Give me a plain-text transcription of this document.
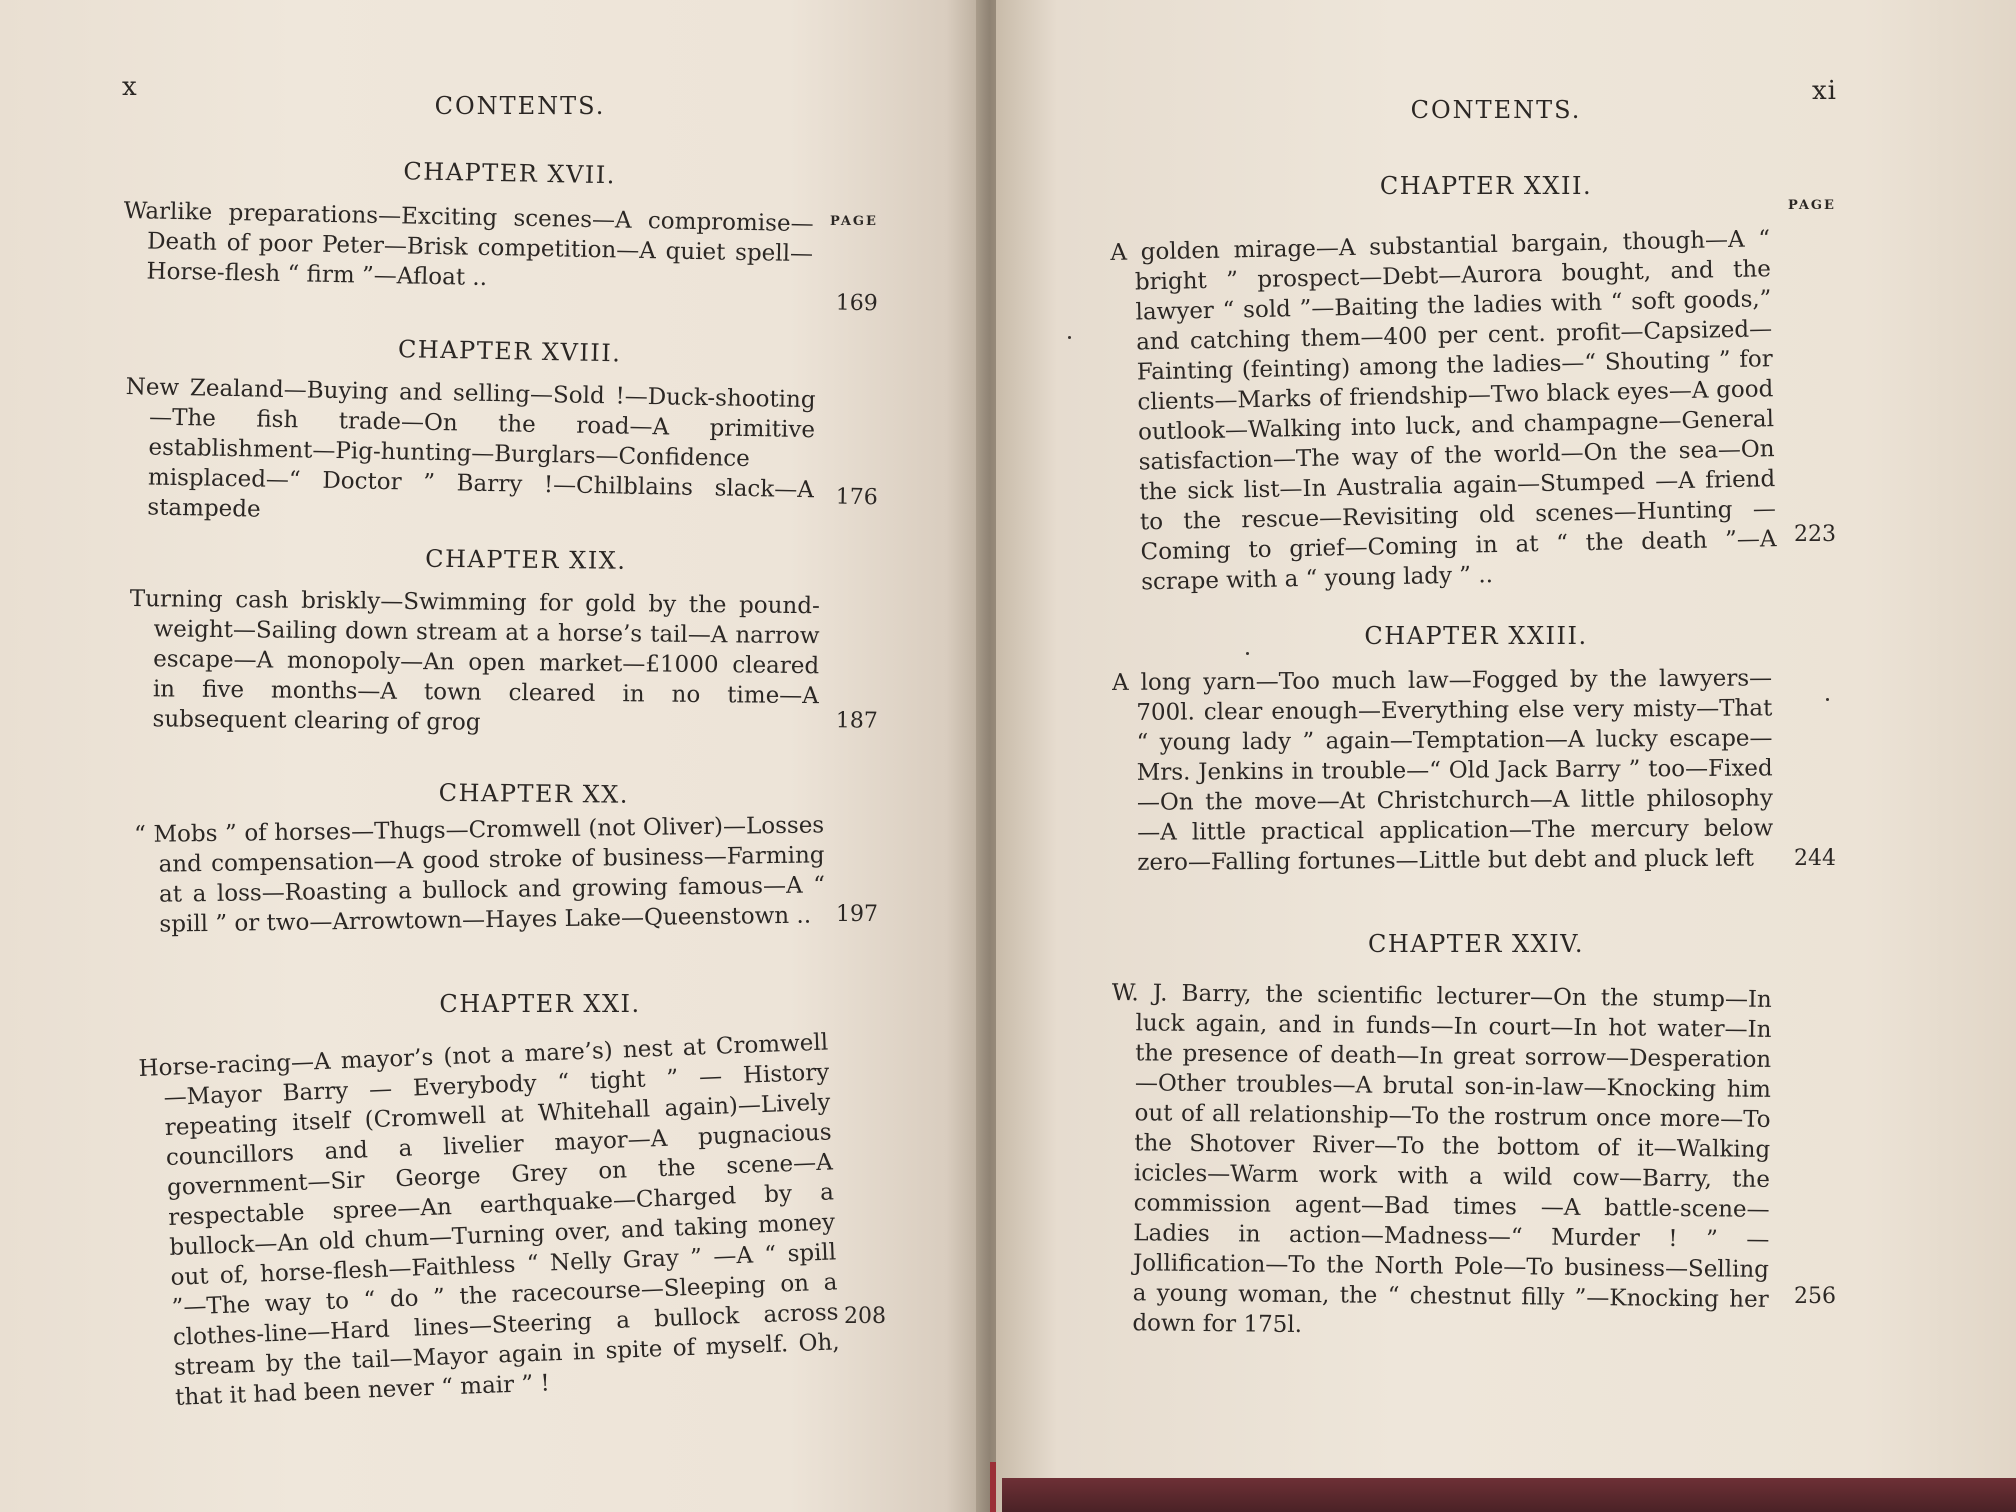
x
CONTENTS.
CHAPTER XVII.
PAGE

Warlike preparations—Exciting scenes—A compromise—Death of poor Peter—Brisk competition—A quiet spell—Horse-flesh “ firm ”—Afloat ..

169
CHAPTER XVIII.

New Zealand—Buying and selling—Sold !—Duck-shooting—The fish trade—On the road—A primitive establishment—Pig-hunting—Burglars—Confidence misplaced—“ Doctor ” Barry !—Chilblains slack—A stampede	176
CHAPTER XIX.

Turning cash briskly—Swimming for gold by the pound-weight—Sailing down stream at a horse’s tail—A narrow escape—A monopoly—An open market—£1000 cleared in five months—A town cleared in no time—A subsequent clearing of grog	187
CHAPTER XX.

“ Mobs ” of horses—Thugs—Cromwell (not Oliver)—Losses and compensation—A good stroke of business—Farming at a loss—Roasting a bullock and growing famous—A “ spill ” or two—Arrowtown—Hayes Lake—Queenstown ..	197
CHAPTER XXI.

Horse-racing—A mayor’s (not a mare’s) nest at Cromwell—Mayor Barry — Everybody “ tight ” — History repeating itself (Cromwell at Whitehall again)—Lively councillors and a livelier mayor—A pugnacious government—Sir George Grey on the scene—A respectable spree—An earthquake—Charged by a bullock—An old chum—Turning over, and taking money out of, horse-flesh—Faithless “ Nelly Gray ” —A “ spill ”—The way to “ do ” the racecourse—Sleeping on a clothes-line—Hard lines—Steering a bullock across stream by the tail—Mayor again in spite of myself. Oh, that it had been never “ mair ” !

208
xi
CONTENTS.
CHAPTER XXII.
PAGE

A golden mirage—A substantial bargain, though—A “ bright ” prospect—Debt—Aurora bought, and the lawyer “ sold ”—Baiting the ladies with “ soft goods,” and catching them—400 per cent. profit—Capsized—Fainting (feinting) among the ladies—“ Shouting ” for clients—Marks of friendship—Two black eyes—A good outlook—Walking into luck, and champagne—General satisfaction—The way of the world—On the sea—On the sick list—In Australia again—Stumped —A friend to the rescue—Revisiting old scenes—Hunting —Coming to grief—Coming in at “ the death ”—A scrape with a “ young lady ” ..

223
CHAPTER XXIII.

A long yarn—Too much law—Fogged by the lawyers—700l. clear enough—Everything else very misty—That “ young lady ” again—Temptation—A lucky escape—Mrs. Jenkins in trouble—“ Old Jack Barry ” too—Fixed—On the move—At Christchurch—A little philosophy—A little practical application—The mercury below zero—Falling fortunes—Little but debt and pluck left	244
CHAPTER XXIV.

W. J. Barry, the scientific lecturer—On the stump—In luck again, and in funds—In court—In hot water—In the presence of death—In great sorrow—Desperation—Other troubles—A brutal son-in-law—Knocking him out of all relationship—To the rostrum once more—To the Shotover River—To the bottom of it—Walking icicles—Warm work with a wild cow—Barry, the commission agent—Bad times —A battle-scene—Ladies in action—Madness—“ Murder ! ” —Jollification—To the North Pole—To business—Selling a young woman, the “ chestnut filly ”—Knocking her down for 175l.

256
